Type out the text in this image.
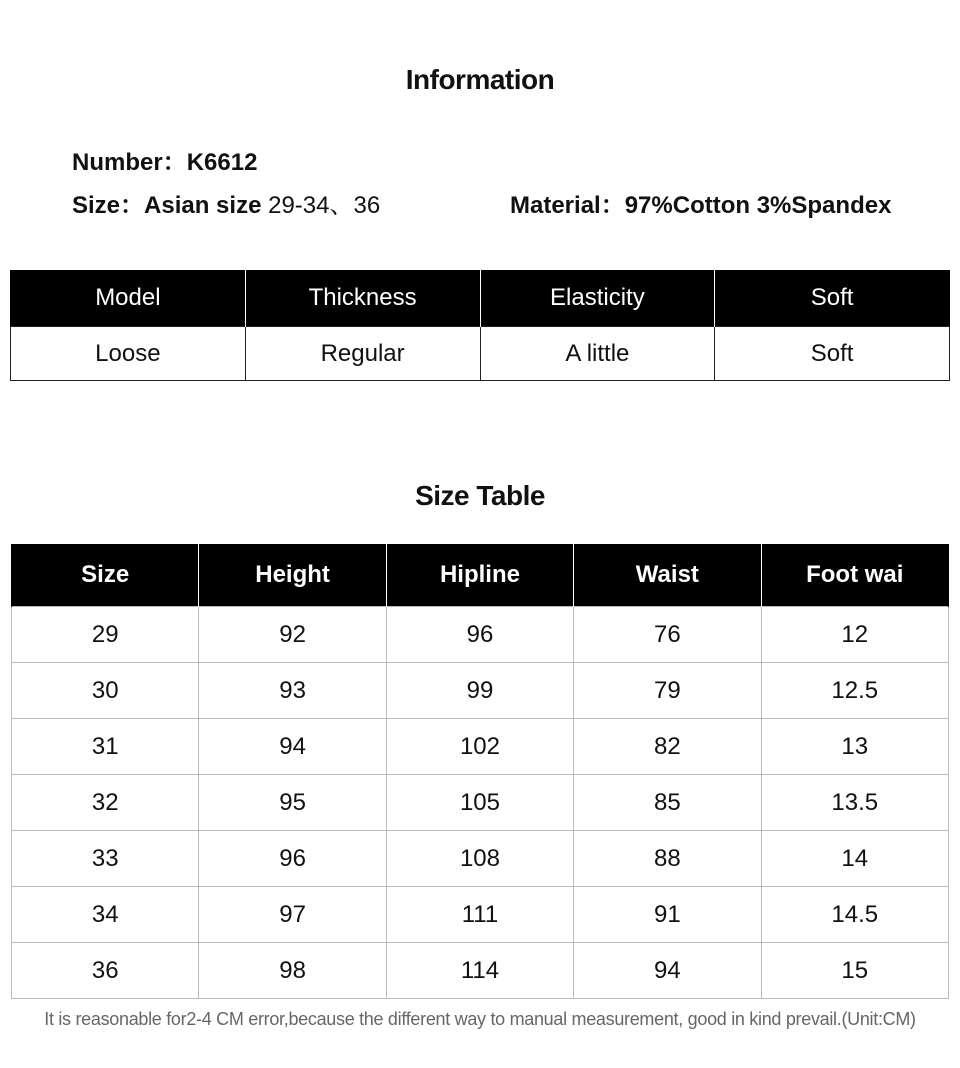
Information
Number：K6612
Size：Asian size 29-34、36	Material：97%Cotton 3%Spandex
Model	Thickness	Elasticity	Soft
Loose	Regular	A little	Soft
Size Table
Size	Height	Hipline	Waist	Foot wai
29	92	96	76	12
30	93	99	79	12.5
31	94	102	82	13
32	95	105	85	13.5
33	96	108	88	14
34	97	111	91	14.5
36	98	114	94	15
It is reasonable for2-4 CM error,because the different way to manual measurement, good in kind prevail.(Unit:CM)
